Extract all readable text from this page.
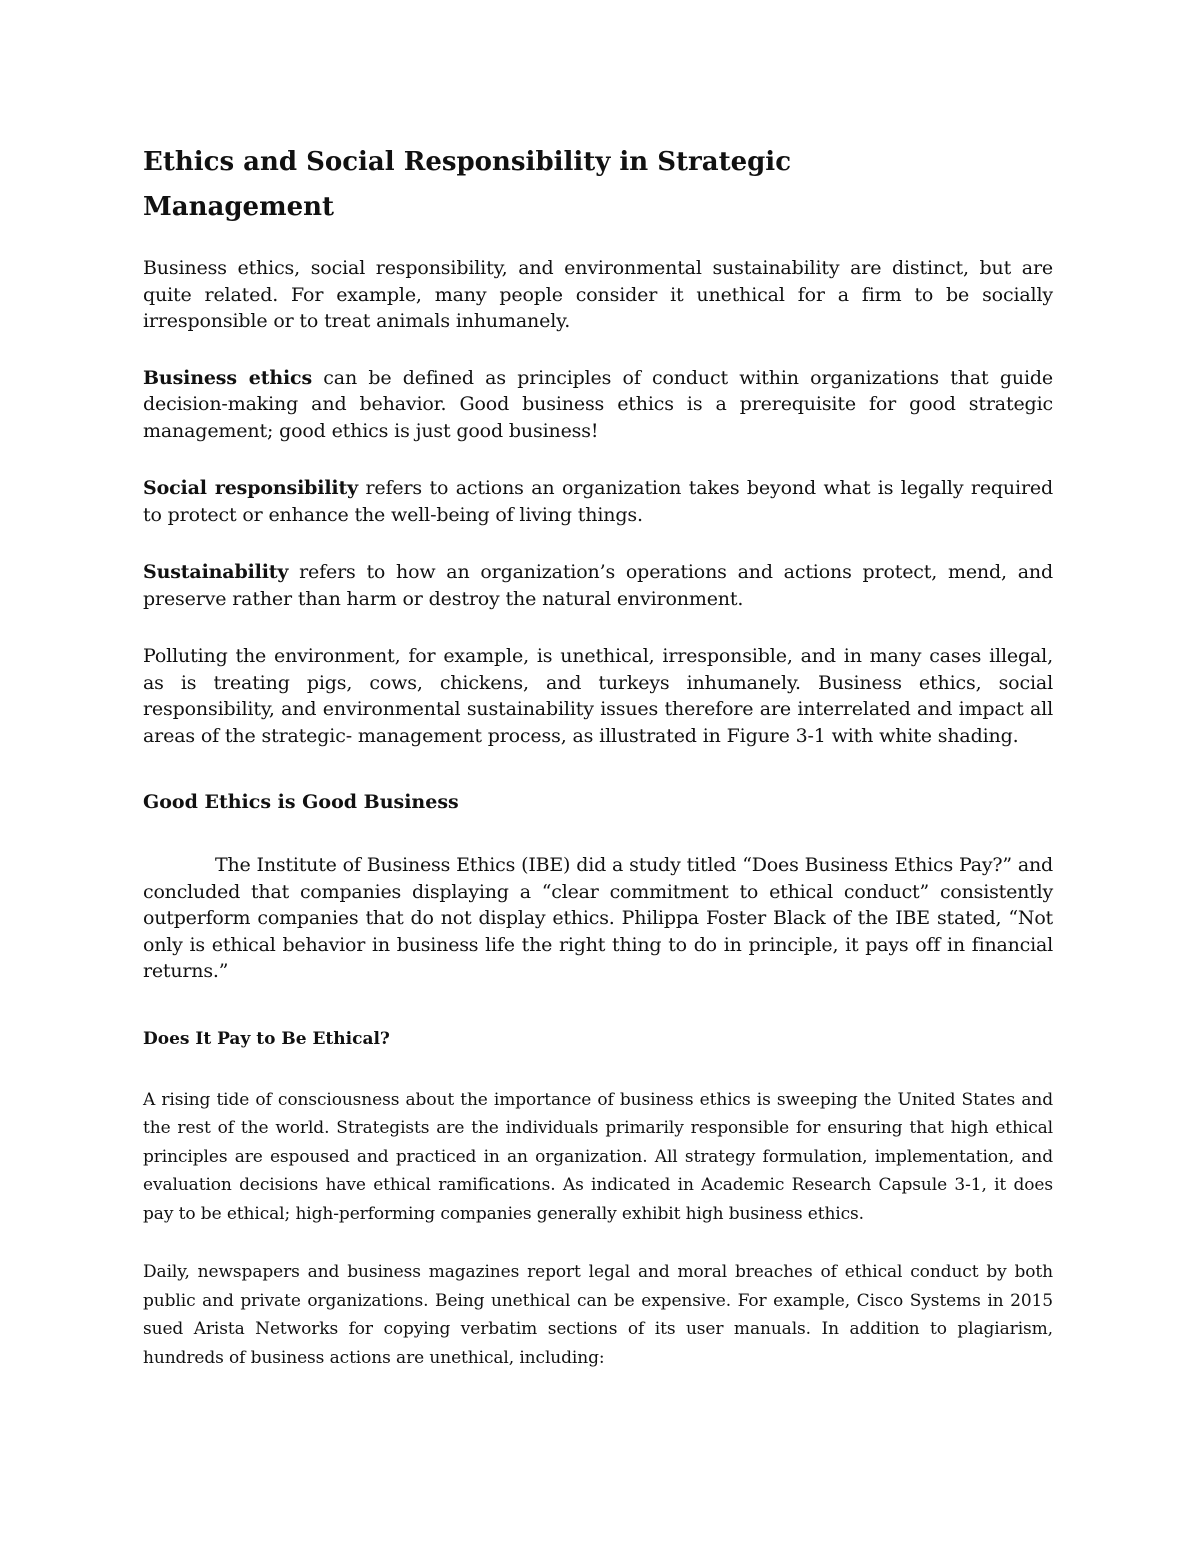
Ethics and Social Responsibility in Strategic Management

Business ethics, social responsibility, and environmental sustainability are distinct, but are quite related. For example, many people consider it unethical for a firm to be socially irresponsible or to treat animals inhumanely.

Business ethics can be defined as principles of conduct within organizations that guide decision-making and behavior. Good business ethics is a prerequisite for good strategic management; good ethics is just good business!

Social responsibility refers to actions an organization takes beyond what is legally required to protect or enhance the well-being of living things.

Sustainability refers to how an organization’s operations and actions protect, mend, and preserve rather than harm or destroy the natural environment.

Polluting the environment, for example, is unethical, irresponsible, and in many cases illegal, as is treating pigs, cows, chickens, and turkeys inhumanely. Business ethics, social responsibility, and environmental sustainability issues therefore are interrelated and impact all areas of the strategic- management process, as illustrated in Figure 3-1 with white shading.

Good Ethics is Good Business

The Institute of Business Ethics (IBE) did a study titled “Does Business Ethics Pay?” and concluded that companies displaying a “clear commitment to ethical conduct” consistently outperform companies that do not display ethics. Philippa Foster Black of the IBE stated, “Not only is ethical behavior in business life the right thing to do in principle, it pays off in financial returns.”

Does It Pay to Be Ethical?

A rising tide of consciousness about the importance of business ethics is sweeping the United States and the rest of the world. Strategists are the individuals primarily responsible for ensuring that high ethical principles are espoused and practiced in an organization. All strategy formulation, implementation, and evaluation decisions have ethical ramifications. As indicated in Academic Research Capsule 3-1, it does pay to be ethical; high-performing companies generally exhibit high business ethics.

Daily, newspapers and business magazines report legal and moral breaches of ethical conduct by both public and private organizations. Being unethical can be expensive. For example, Cisco Systems in 2015 sued Arista Networks for copying verbatim sections of its user manuals. In addition to plagiarism, hundreds of business actions are unethical, including:
